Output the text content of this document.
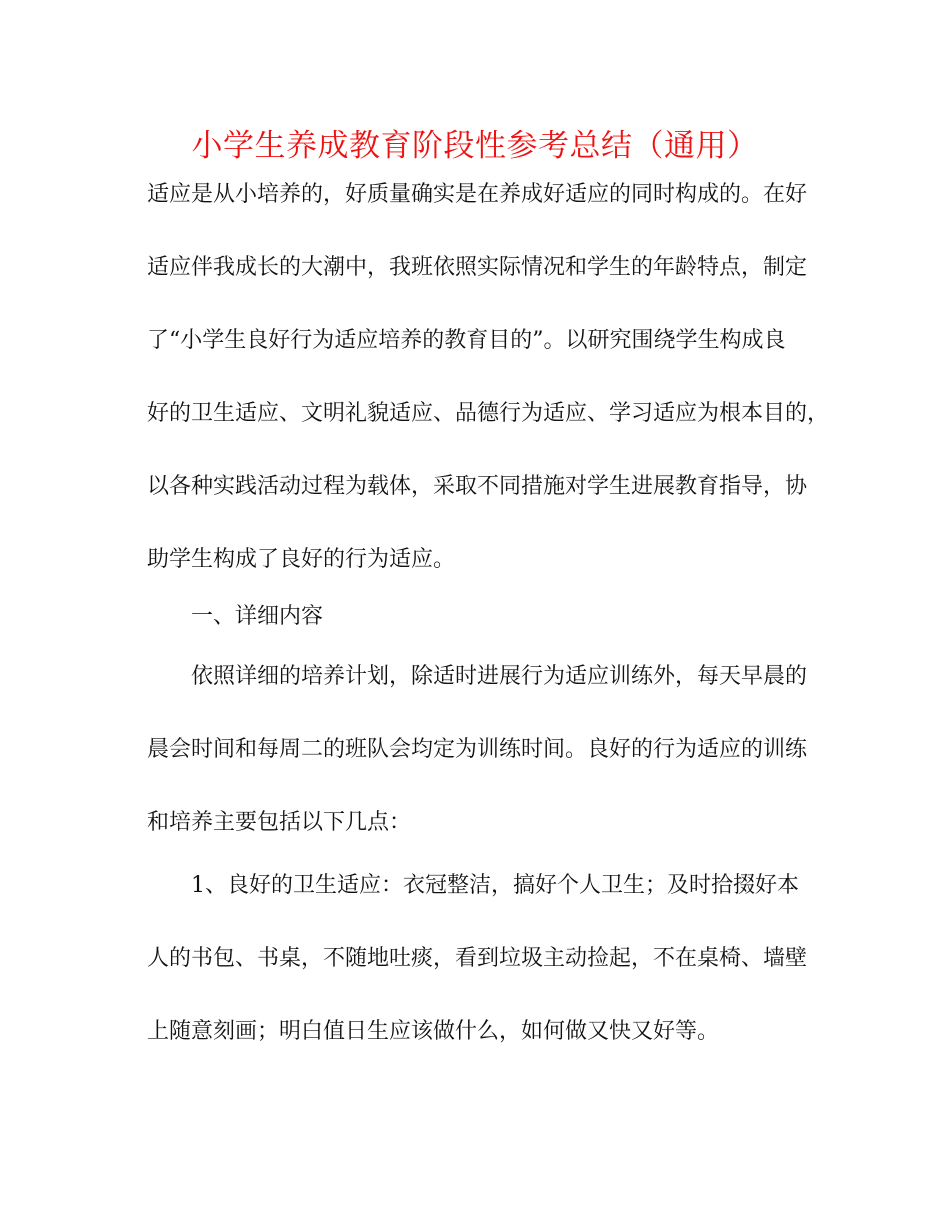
小学生养成教育阶段性参考总结（通用）
适应是从小培养的，好质量确实是在养成好适应的同时构成的。在好
适应伴我成长的大潮中，我班依照实际情况和学生的年龄特点，制定
了“小学生良好行为适应培养的教育目的”。以研究围绕学生构成良
好的卫生适应、文明礼貌适应、品德行为适应、学习适应为根本目的，
以各种实践活动过程为载体，采取不同措施对学生进展教育指导，协
助学生构成了良好的行为适应。
　　一、详细内容
　　依照详细的培养计划，除适时进展行为适应训练外，每天早晨的
晨会时间和每周二的班队会均定为训练时间。良好的行为适应的训练
和培养主要包括以下几点：
　　1、良好的卫生适应：衣冠整洁，搞好个人卫生；及时拾掇好本
人的书包、书桌，不随地吐痰，看到垃圾主动捡起，不在桌椅、墙壁
上随意刻画；明白值日生应该做什么，如何做又快又好等。
